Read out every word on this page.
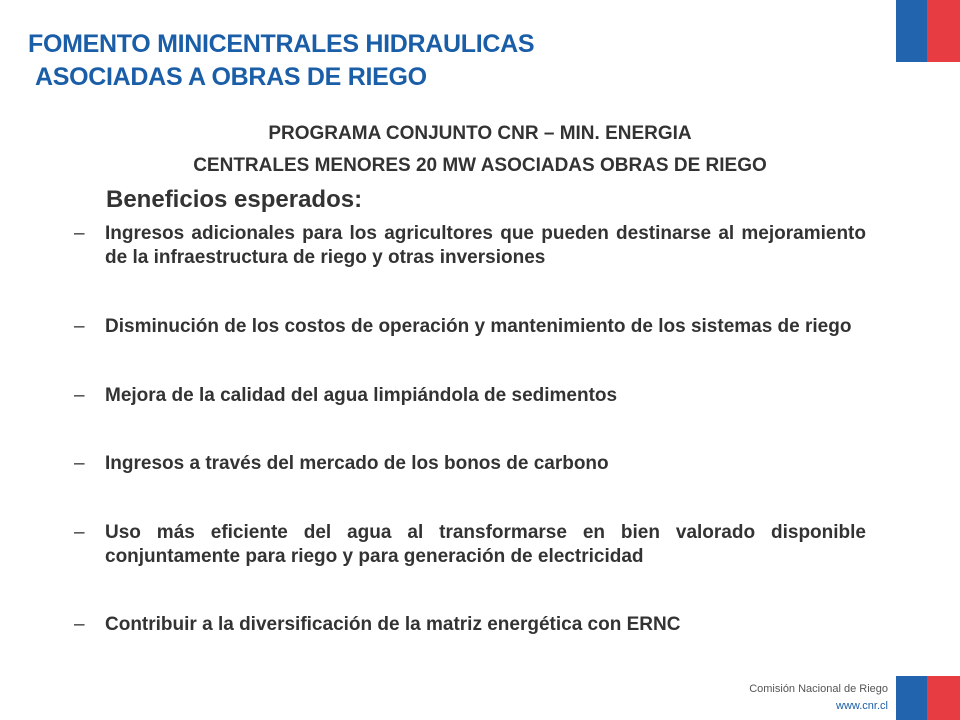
FOMENTO MINICENTRALES HIDRAULICAS
ASOCIADAS A OBRAS DE RIEGO
PROGRAMA CONJUNTO CNR – MIN. ENERGIA
CENTRALES MENORES 20 MW ASOCIADAS OBRAS DE RIEGO
Beneficios esperados:
– Ingresos adicionales para los agricultores que pueden destinarse al mejoramiento de la infraestructura de riego y otras inversiones
– Disminución de los costos de operación y mantenimiento de los sistemas de riego
– Mejora de la calidad del agua limpiándola de sedimentos
– Ingresos a través del mercado de los bonos de carbono
– Uso más eficiente del agua al transformarse en bien valorado disponible conjuntamente para riego y para generación de electricidad
– Contribuir a la diversificación de la matriz energética con ERNC
Comisión Nacional de Riego
www.cnr.cl
